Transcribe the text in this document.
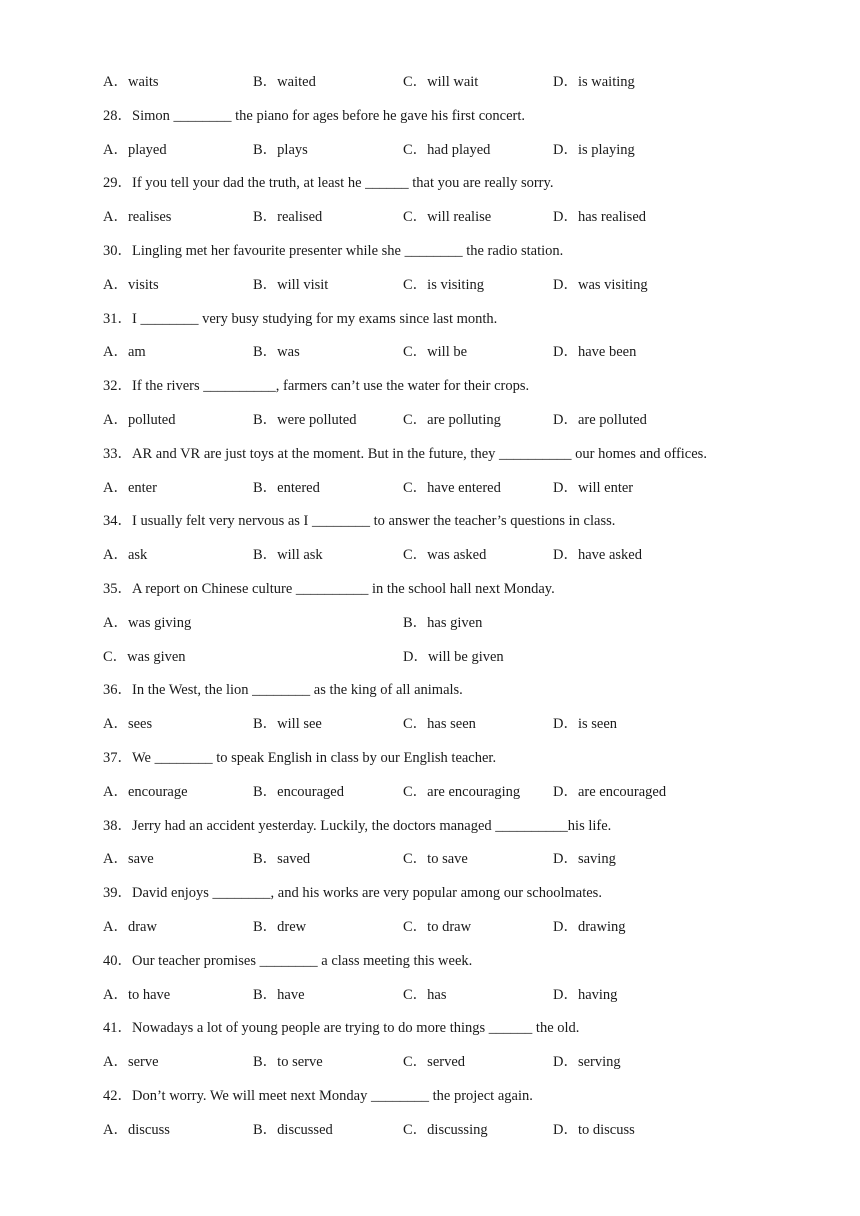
A．waits	B．waited	C．will wait	D．is waiting
28．Simon ________ the piano for ages before he gave his first concert.
A．played	B．plays	C．had played	D．is playing
29．If you tell your dad the truth, at least he ______ that you are really sorry.
A．realises	B．realised	C．will realise	D．has realised
30．Lingling met her favourite presenter while she ________ the radio station.
A．visits	B．will visit	C．is visiting	D．was visiting
31．I ________ very busy studying for my exams since last month.
A．am	B．was	C．will be	D．have been
32．If the rivers __________, farmers can’t use the water for their crops.
A．polluted	B．were polluted	C．are polluting	D．are polluted
33．AR and VR are just toys at the moment. But in the future, they __________ our homes and offices.
A．enter	B．entered	C．have entered	D．will enter
34．I usually felt very nervous as I ________ to answer the teacher’s questions in class.
A．ask	B．will ask	C．was asked	D．have asked
35．A report on Chinese culture __________ in the school hall next Monday.
A．was giving	B．has given
C．was given	D．will be given
36．In the West, the lion ________ as the king of all animals.
A．sees	B．will see	C．has seen	D．is seen
37．We ________ to speak English in class by our English teacher.
A．encourage	B．encouraged	C．are encouraging D．are encouraged
38．Jerry had an accident yesterday. Luckily, the doctors managed __________his life.
A．save	B．saved	C．to save	D．saving
39．David enjoys ________, and his works are very popular among our schoolmates.
A．draw	B．drew	C．to draw	D．drawing
40．Our teacher promises ________ a class meeting this week.
A．to have	B．have	C．has	D．having
41．Nowadays a lot of young people are trying to do more things ______ the old.
A．serve	B．to serve	C．served	D．serving
42．Don’t worry. We will meet next Monday ________ the project again.
A．discuss	B．discussed	C．discussing	D．to discuss
